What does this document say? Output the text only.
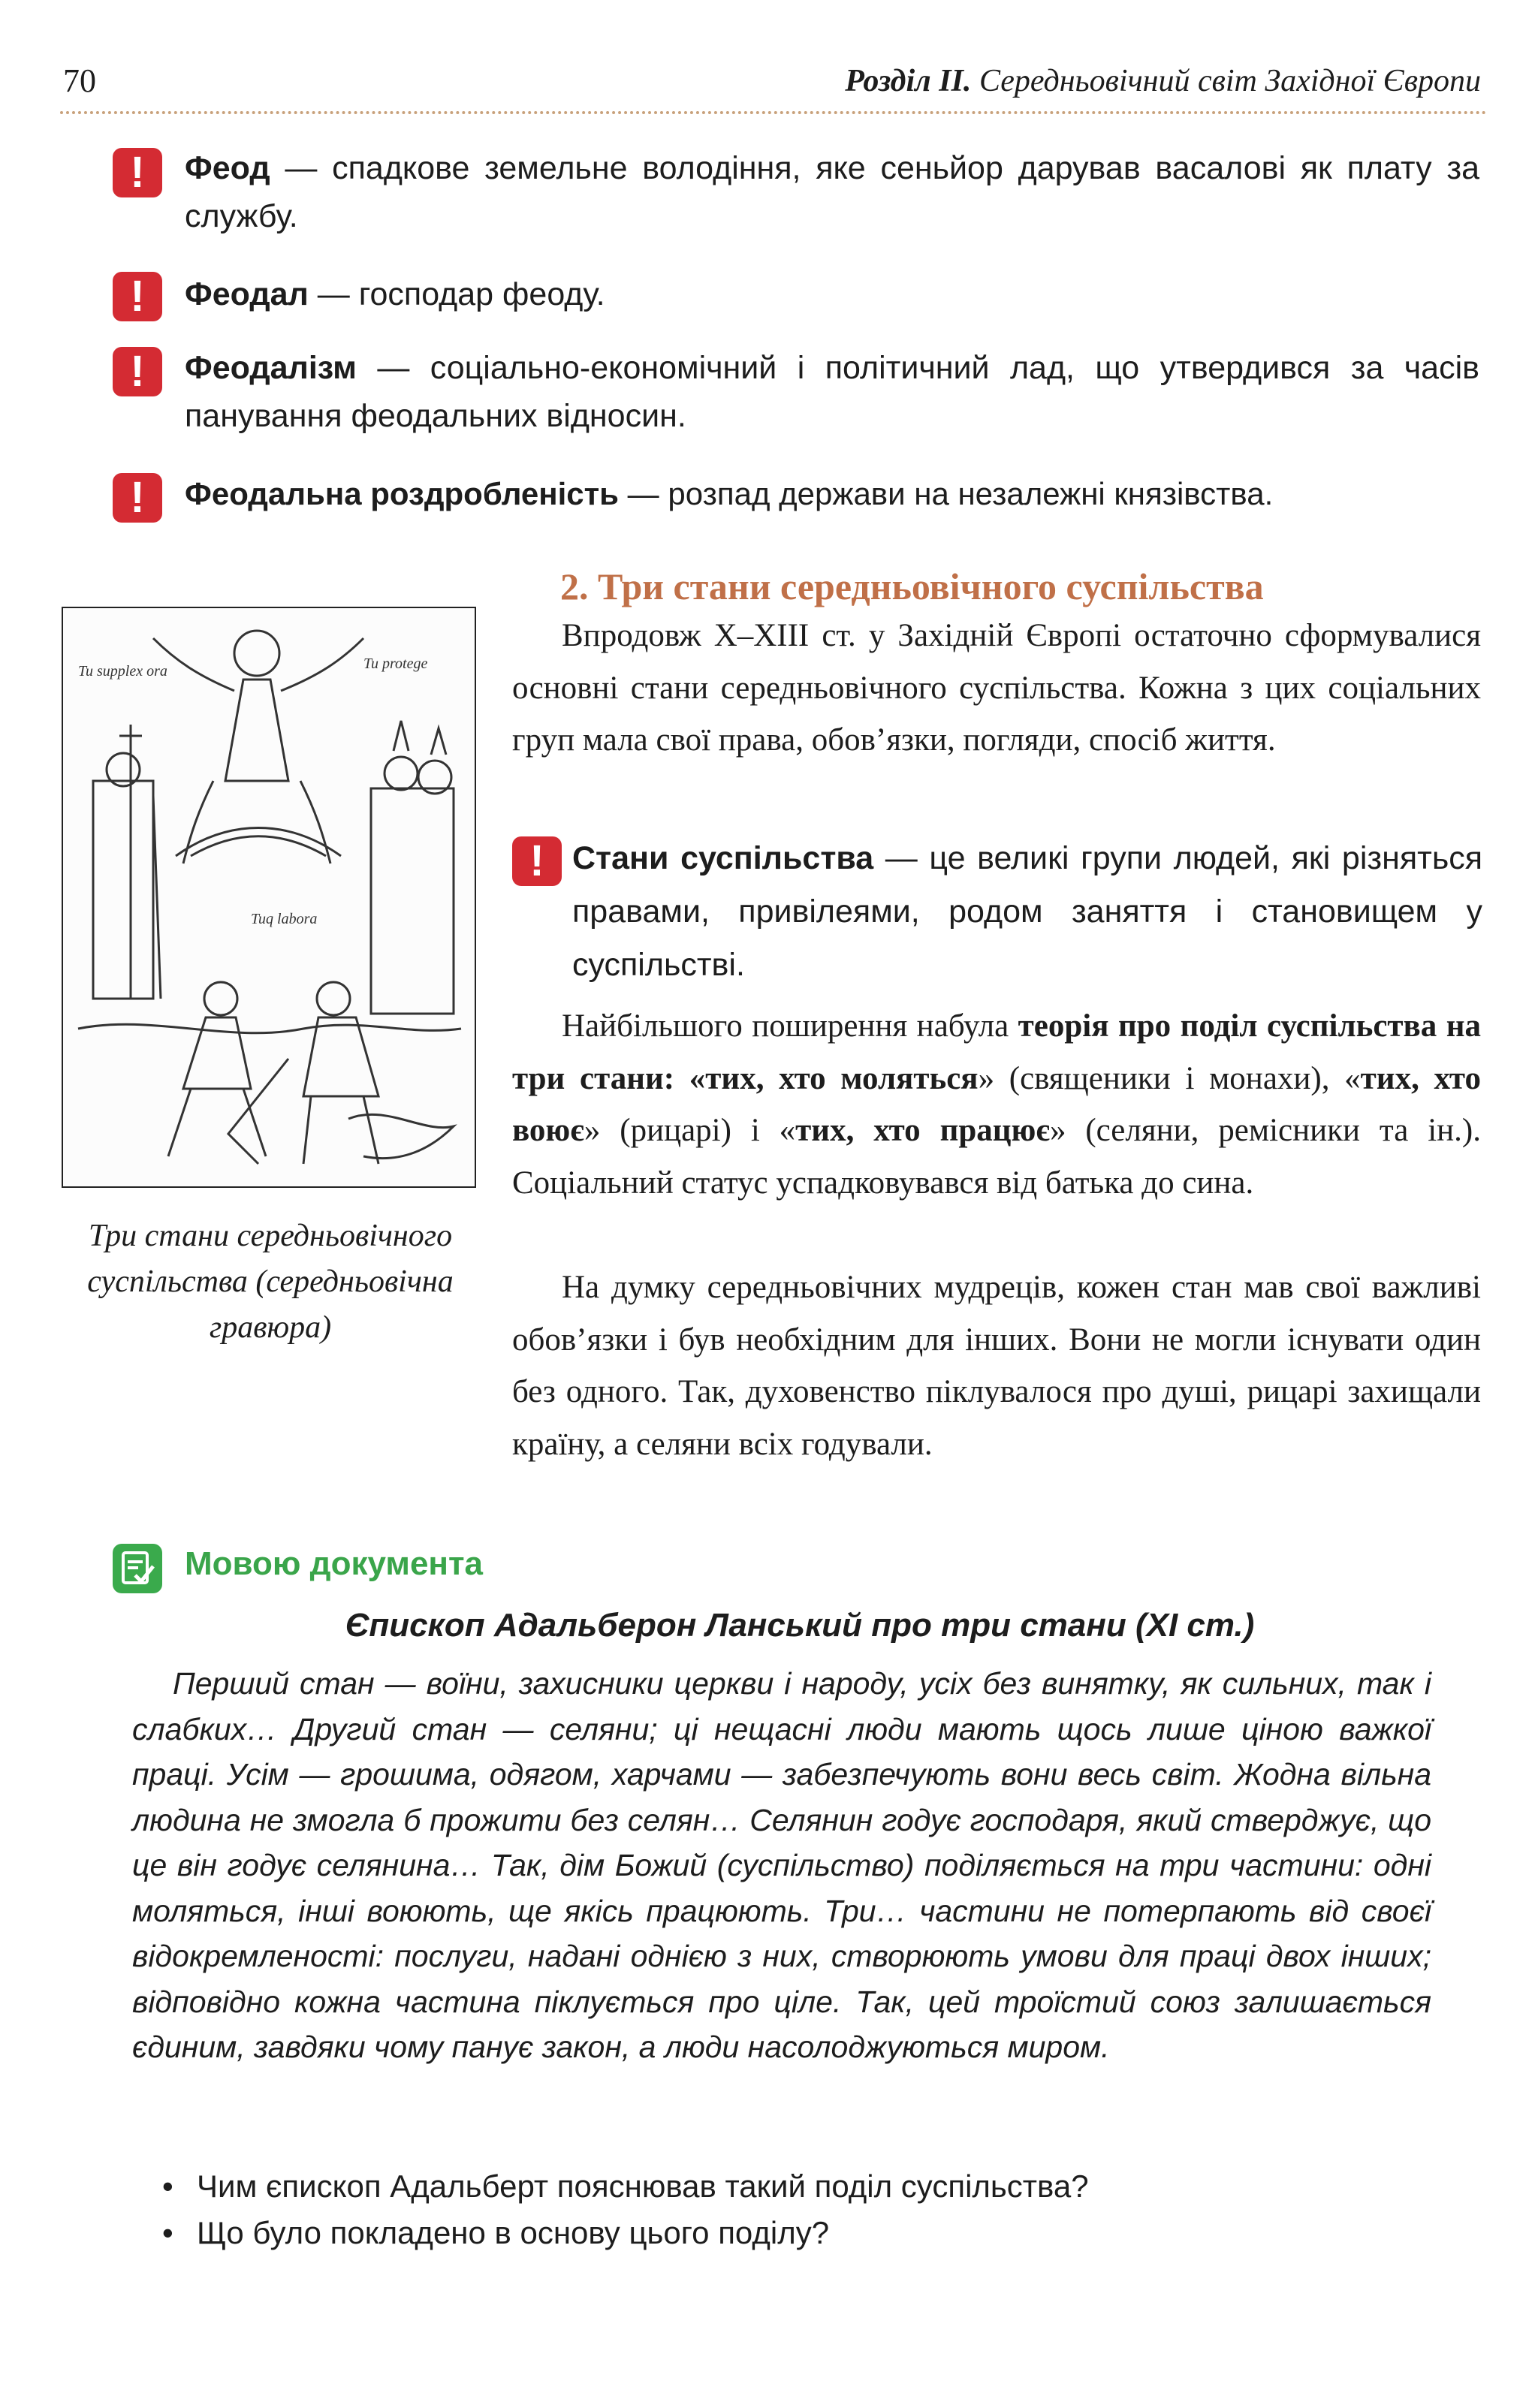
70	Розділ ІІ. Середньовічний світ Західної Європи
!	Феод — спадкове земельне володіння, яке сеньйор дарував васалові як плату за службу.
!	Феодал — господар феоду.
!	Феодалізм — соціально-економічний і політичний лад, що утвердився за часів панування феодальних відносин.
!	Феодальна роздробленість — розпад держави на незалежні князівства.
2. Три стани середньовічного суспільства
Tu supplex ora	Tu protege
Tuq labora
Три стани середньовічного суспільства (середньовічна гравюра)
Впродовж Х–ХІІІ ст. у Західній Європі остаточно сформувалися основні стани середньовічного суспільства. Кожна з цих соціальних груп мала свої права, обов’язки, погляди, спосіб життя.
! Стани суспільства — це великі групи людей, які різняться правами, привілеями, родом заняття і становищем у суспільстві.
Найбільшого поширення набула теорія про поділ суспільства на три стани: «тих, хто моляться» (священики і монахи), «тих, хто воює» (рицарі) і «тих, хто працює» (селяни, ремісники та ін.). Соціальний статус успадковувався від батька до сина.
На думку середньовічних мудреців, кожен стан мав свої важливі обов’язки і був необхідним для інших. Вони не могли існувати один без одного. Так, духовенство піклувалося про душі, рицарі захищали країну, а селяни всіх годували.
Мовою документа
Єпископ Адальберон Ланський про три стани (ХІ ст.)
Перший стан — воїни, захисники церкви і народу, усіх без винятку, як сильних, так і слабких… Другий стан — селяни; ці нещасні люди мають щось лише ціною важкої праці. Усім — грошима, одягом, харчами — забезпечують вони весь світ. Жодна вільна людина не змогла б прожити без селян… Селянин годує господаря, який стверджує, що це він годує селянина… Так, дім Божий (суспільство) поділяється на три частини: одні моляться, інші воюють, ще якісь працюють. Три… частини не потерпають від своєї відокремленості: послуги, надані однією з них, створюють умови для праці двох інших; відповідно кожна частина піклується про ціле. Так, цей троїстий союз залишається єдиним, завдяки чому панує закон, а люди насолоджуються миром.
• Чим єпископ Адальберт пояснював такий поділ суспільства?
• Що було покладено в основу цього поділу?
